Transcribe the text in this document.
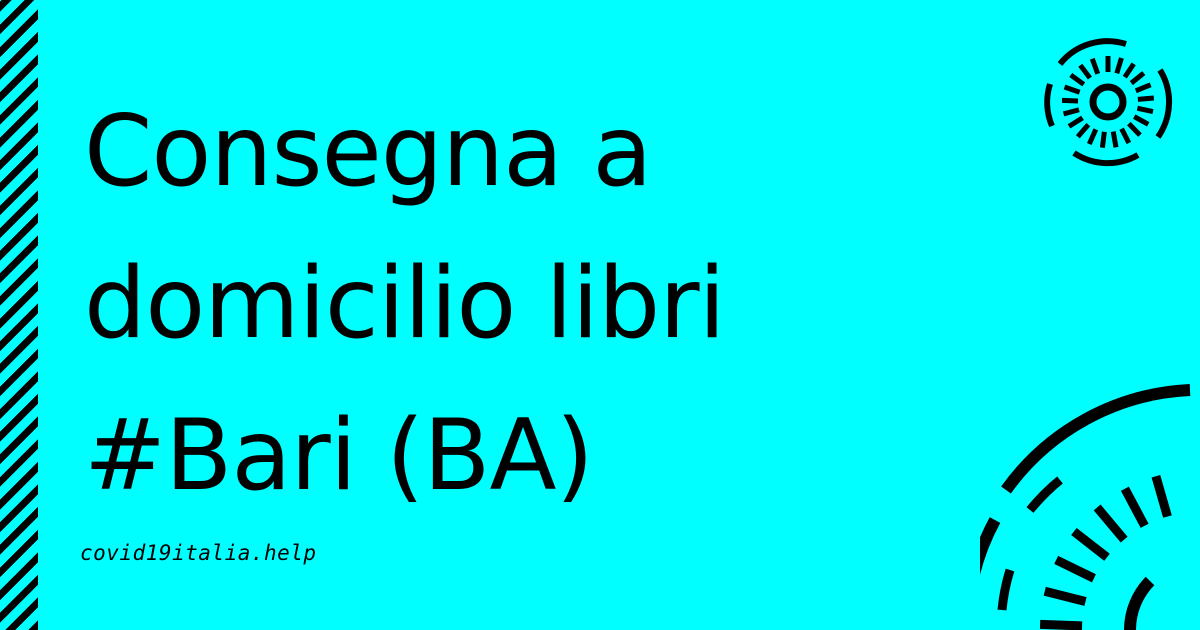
Consegna a
domicilio libri
#Bari (BA)
covid19italia.help
